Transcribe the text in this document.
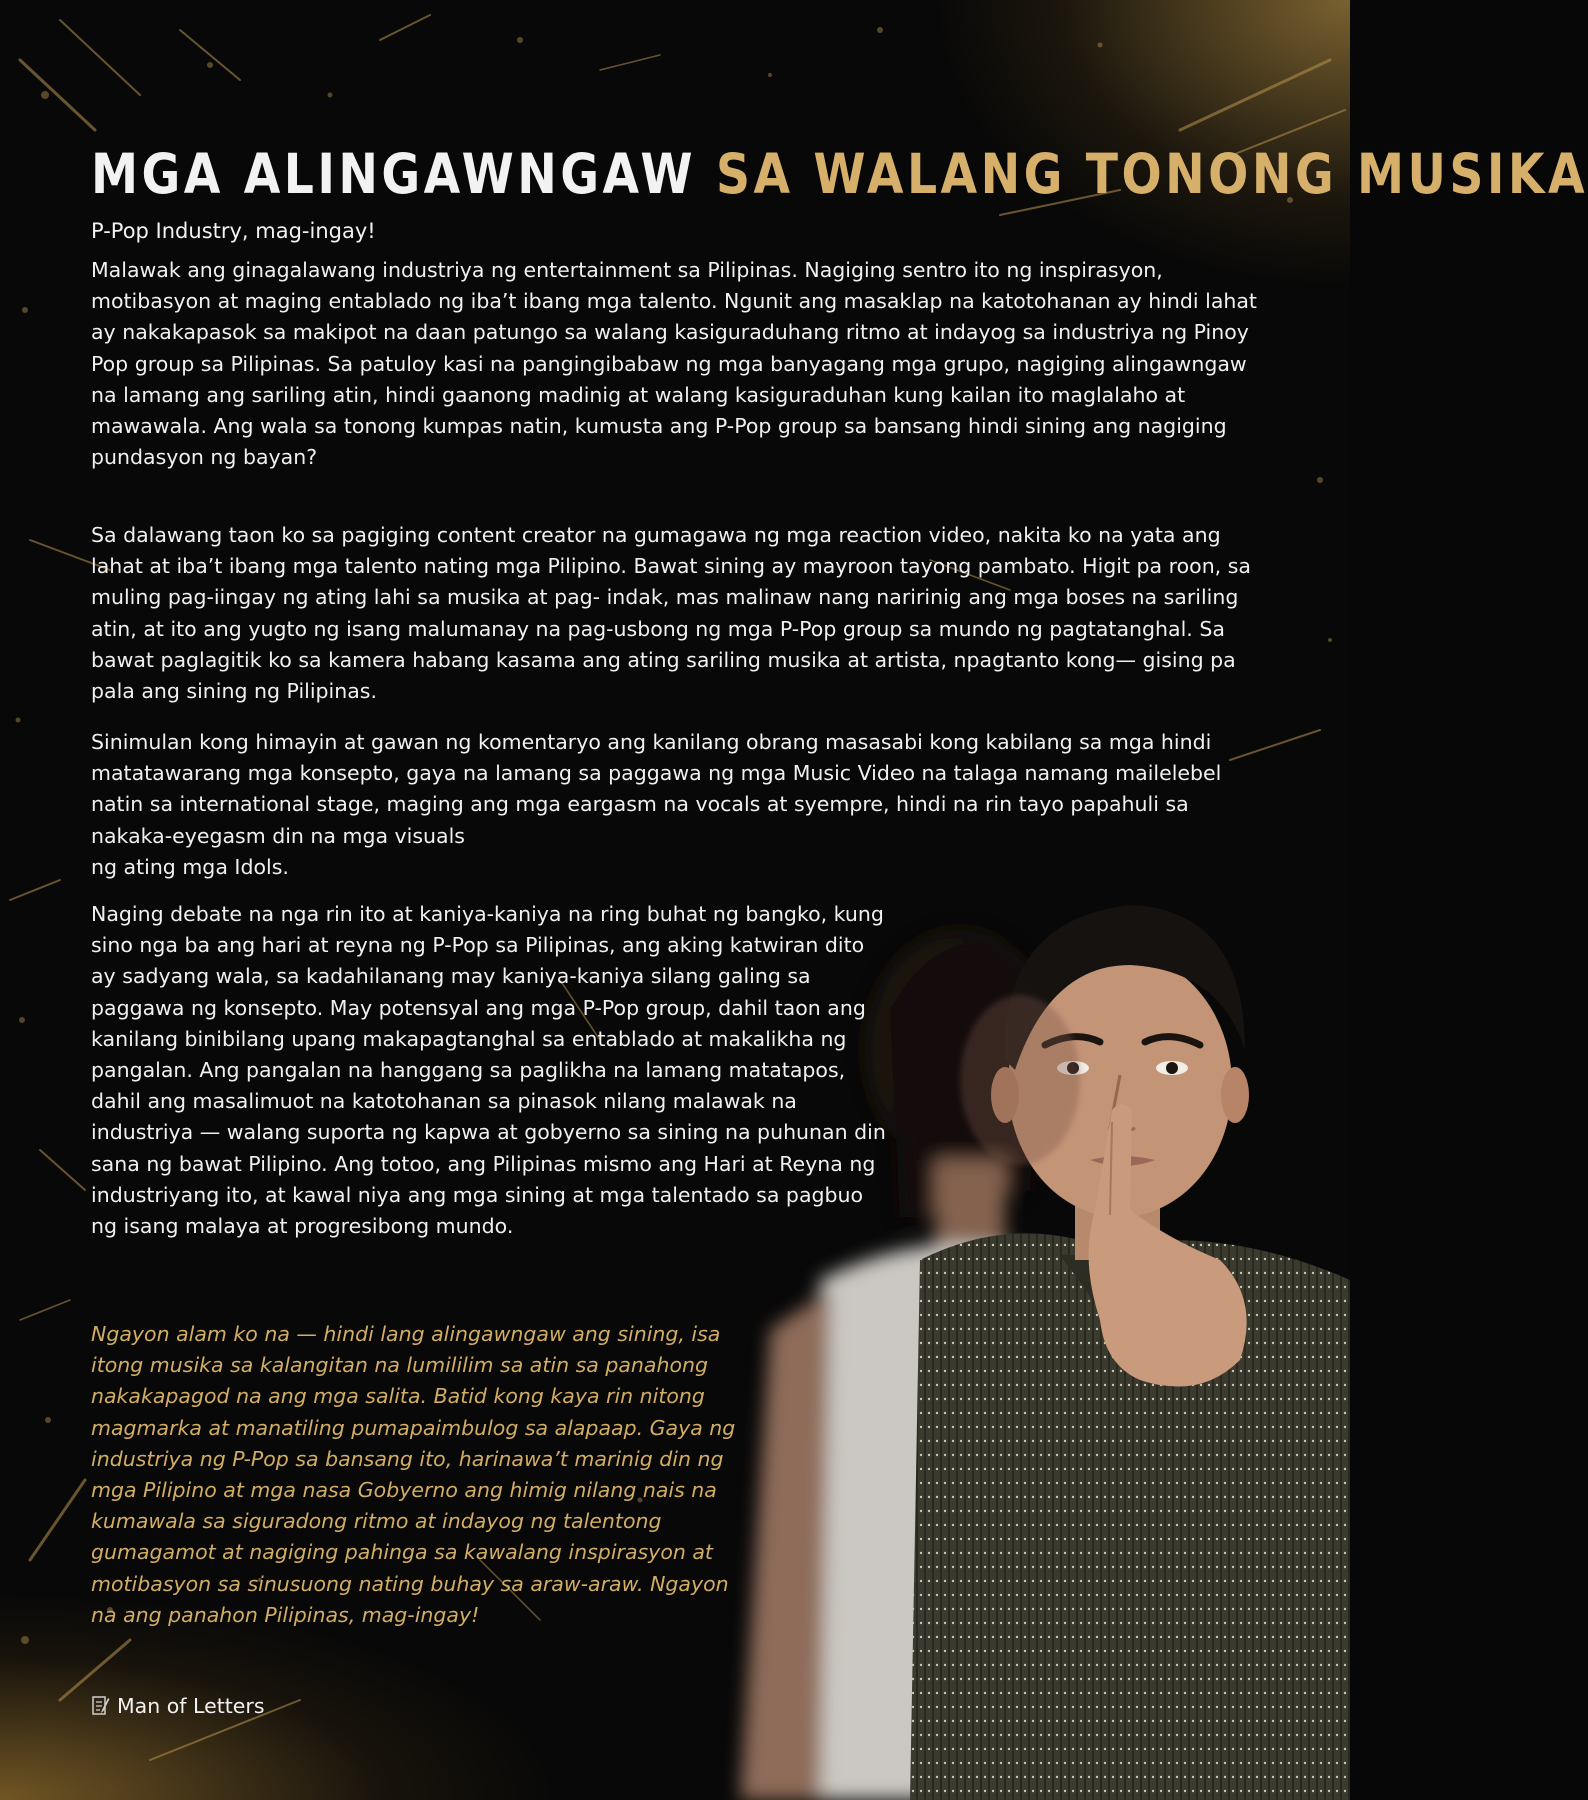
MGA ALINGAWNGAW SA WALANG TONONG MUSIKA

P-Pop Industry, mag-ingay!

Malawak ang ginagalawang industriya ng entertainment sa Pilipinas. Nagiging sentro ito ng inspirasyon, motibasyon at maging entablado ng iba’t ibang mga talento. Ngunit ang masaklap na katotohanan ay hindi lahat ay nakakapasok sa makipot na daan patungo sa walang kasiguraduhang ritmo at indayog sa industriya ng Pinoy Pop group sa Pilipinas. Sa patuloy kasi na pangingibabaw ng mga banyagang mga grupo, nagiging alingawngaw na lamang ang sariling atin, hindi gaanong madinig at walang kasiguraduhan kung kailan ito maglalaho at mawawala. Ang wala sa tonong kumpas natin, kumusta ang P-Pop group sa bansang hindi sining ang nagiging pundasyon ng bayan?

Sa dalawang taon ko sa pagiging content creator na gumagawa ng mga reaction video, nakita ko na yata ang lahat at iba’t ibang mga talento nating mga Pilipino. Bawat sining ay mayroon tayong pambato. Higit pa roon, sa muling pag-iingay ng ating lahi sa musika at pag- indak, mas malinaw nang naririnig ang mga boses na sariling atin, at ito ang yugto ng isang malumanay na pag-usbong ng mga P-Pop group sa mundo ng pagtatanghal. Sa bawat paglagitik ko sa kamera habang kasama ang ating sariling musika at artista, npagtanto kong— gising pa pala ang sining ng Pilipinas.

Sinimulan kong himayin at gawan ng komentaryo ang kanilang obrang masasabi kong kabilang sa mga hindi matatawarang mga konsepto, gaya na lamang sa paggawa ng mga Music Video na talaga namang mailelebel natin sa international stage, maging ang mga eargasm na vocals at syempre, hindi na rin tayo papahuli sa nakaka-eyegasm din na mga visuals
ng ating mga Idols.

Naging debate na nga rin ito at kaniya-kaniya na ring buhat ng bangko, kung sino nga ba ang hari at reyna ng P-Pop sa Pilipinas, ang aking katwiran dito ay sadyang wala, sa kadahilanang may kaniya-kaniya silang galing sa paggawa ng konsepto. May potensyal ang mga P-Pop group, dahil taon ang kanilang binibilang upang makapagtanghal sa entablado at makalikha ng pangalan. Ang pangalan na hanggang sa paglikha na lamang matatapos, dahil ang masalimuot na katotohanan sa pinasok nilang malawak na industriya — walang suporta ng kapwa at gobyerno sa sining na puhunan din sana ng bawat Pilipino. Ang totoo, ang Pilipinas mismo ang Hari at Reyna ng industriyang ito, at kawal niya ang mga sining at mga talentado sa pagbuo ng isang malaya at progresibong mundo.

Ngayon alam ko na — hindi lang alingawngaw ang sining, isa itong musika sa kalangitan na lumililim sa atin sa panahong nakakapagod na ang mga salita. Batid kong kaya rin nitong magmarka at manatiling pumapaimbulog sa alapaap. Gaya ng industriya ng P-Pop sa bansang ito, harinawa’t marinig din ng mga Pilipino at mga nasa Gobyerno ang himig nilang nais na kumawala sa siguradong ritmo at indayog ng talentong gumagamot at nagiging pahinga sa kawalang inspirasyon at motibasyon sa sinusuong nating buhay sa araw-araw. Ngayon na ang panahon Pilipinas, mag-ingay!

Man of Letters
